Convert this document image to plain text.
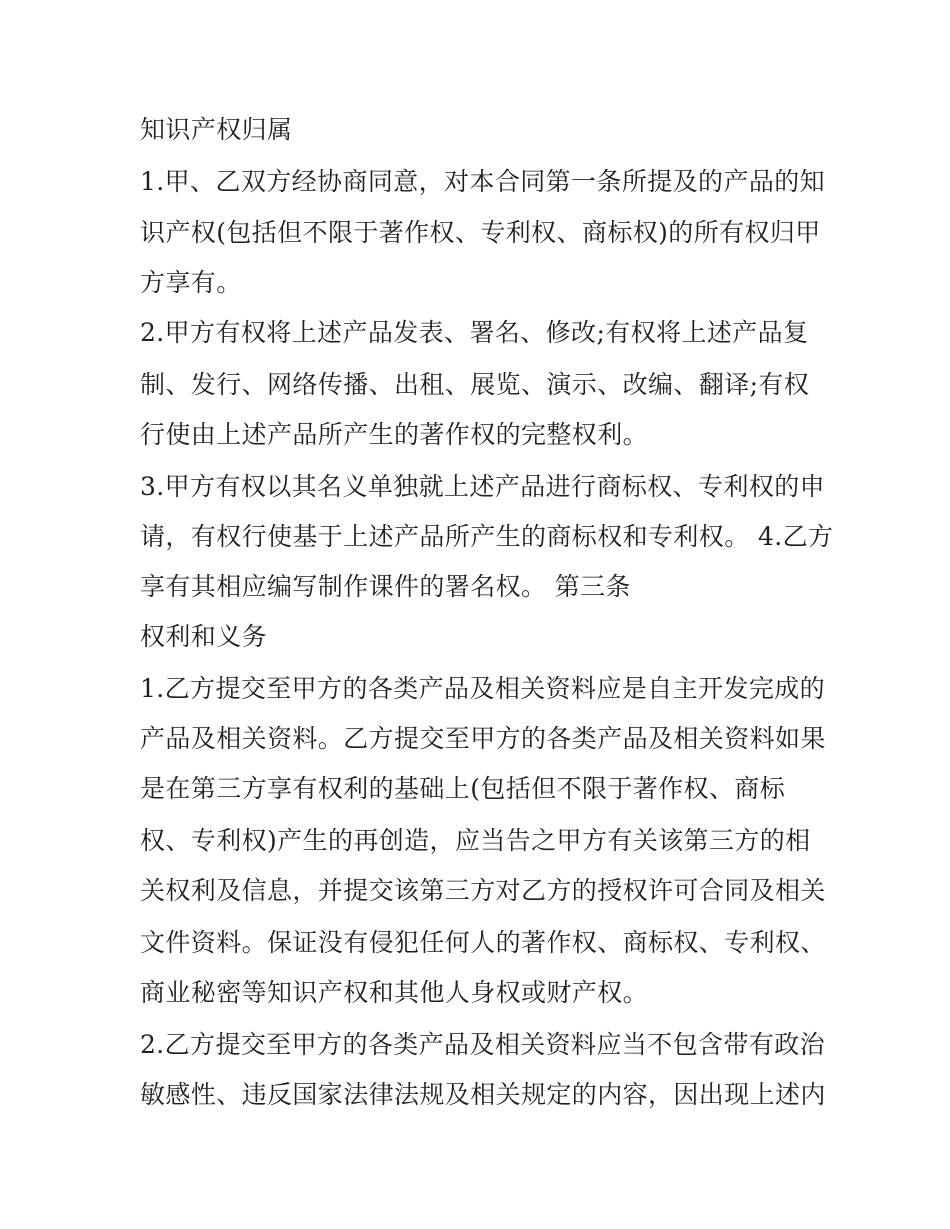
知识产权归属

1.甲、乙双方经协商同意，对本合同第一条所提及的产品的知

识产权(包括但不限于著作权、专利权、商标权)的所有权归甲

方享有。

2.甲方有权将上述产品发表、署名、修改;有权将上述产品复

制、发行、网络传播、出租、展览、演示、改编、翻译;有权

行使由上述产品所产生的著作权的完整权利。

3.甲方有权以其名义单独就上述产品进行商标权、专利权的申

请，有权行使基于上述产品所产生的商标权和专利权。 4.乙方

享有其相应编写制作课件的署名权。 第三条

权利和义务

1.乙方提交至甲方的各类产品及相关资料应是自主开发完成的

产品及相关资料。乙方提交至甲方的各类产品及相关资料如果

是在第三方享有权利的基础上(包括但不限于著作权、商标

权、专利权)产生的再创造，应当告之甲方有关该第三方的相

关权利及信息，并提交该第三方对乙方的授权许可合同及相关

文件资料。保证没有侵犯任何人的著作权、商标权、专利权、

商业秘密等知识产权和其他人身权或财产权。

2.乙方提交至甲方的各类产品及相关资料应当不包含带有政治

敏感性、违反国家法律法规及相关规定的内容，因出现上述内
